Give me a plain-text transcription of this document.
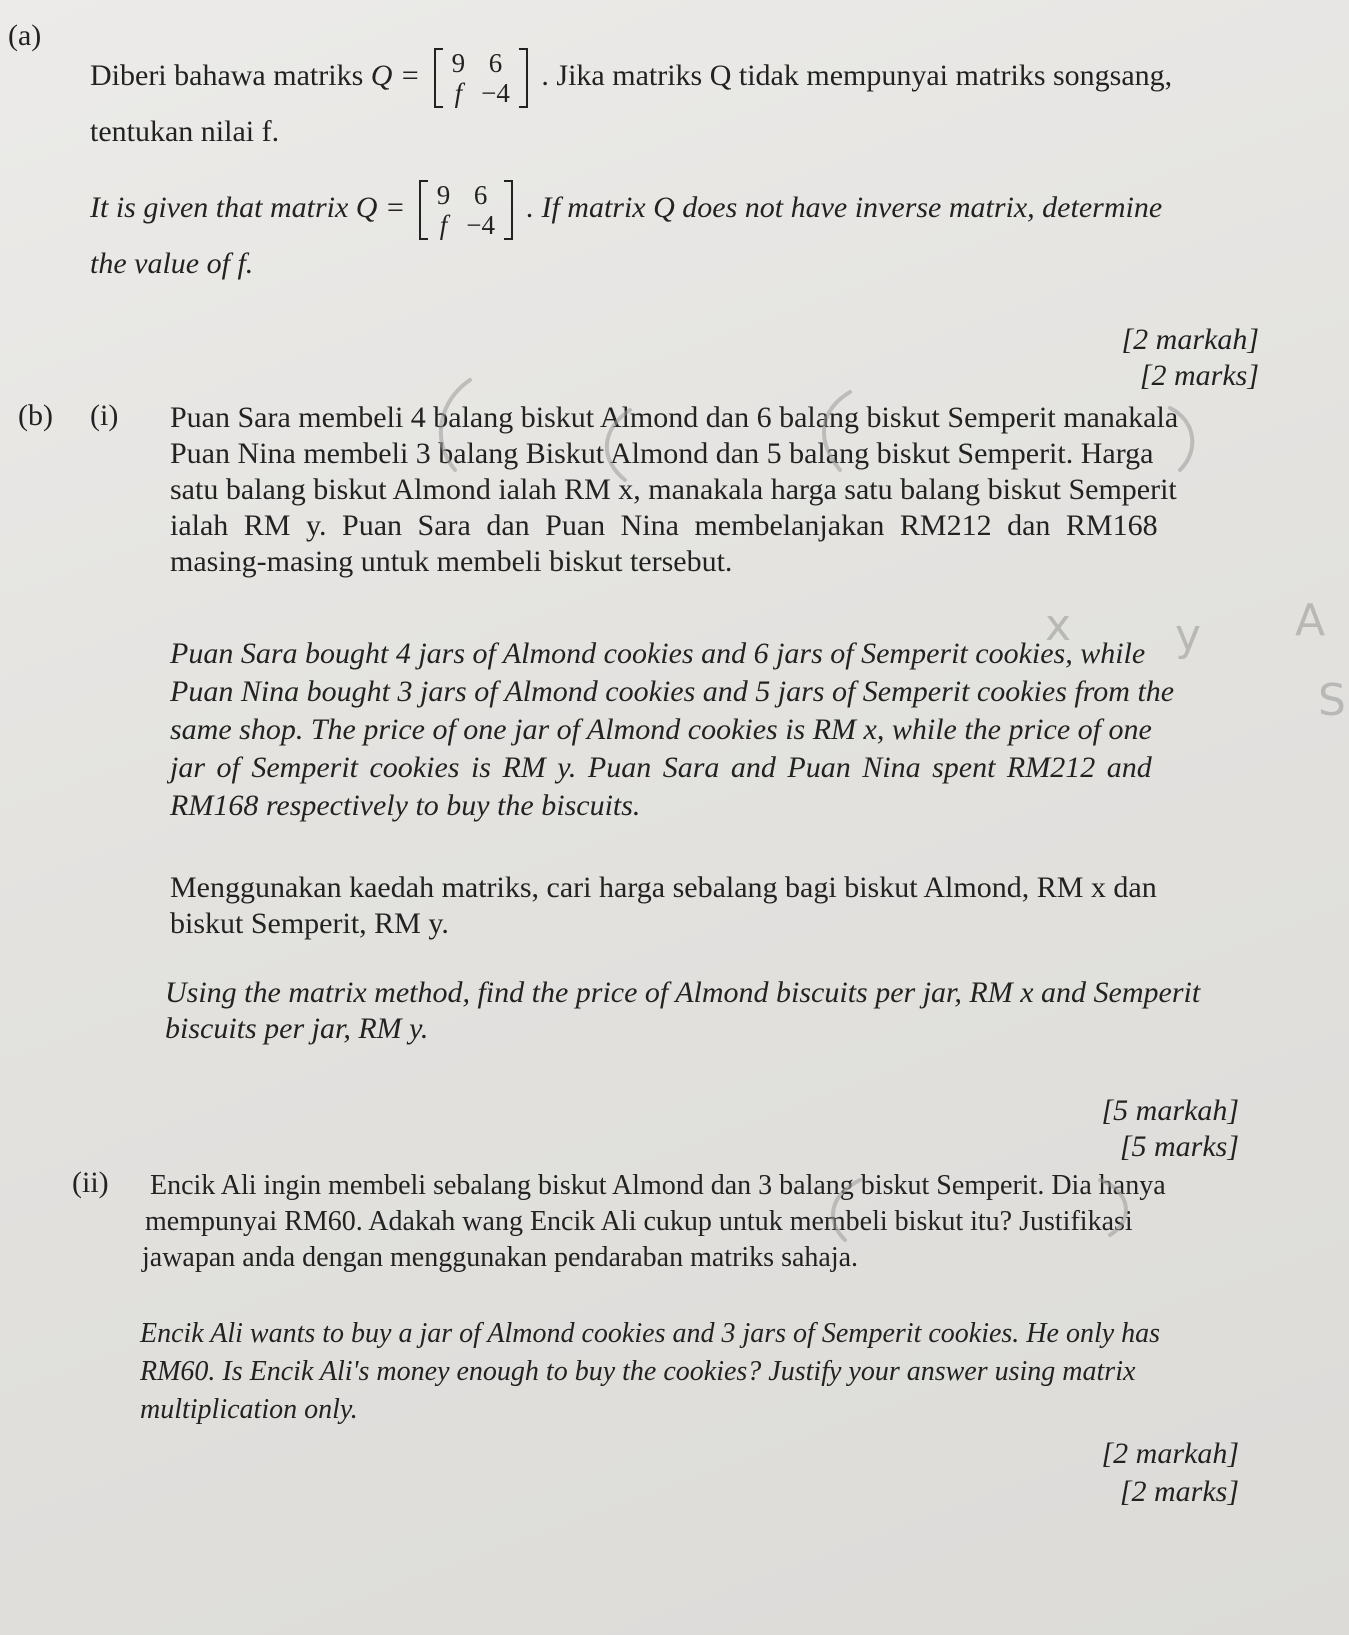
(a)
Diberi bahawa matriks Q = 9	6
f	−4
. Jika matriks Q tidak mempunyai matriks songsang,
tentukan nilai f.
It is given that matrix Q = 9	6
f	−4
. If matrix Q does not have inverse matrix, determine
the value of f.
[2 markah]
[2 marks]
(b) (i) Puan Sara membeli 4 balang biskut Almond dan 6 balang biskut Semperit manakala
Puan Nina membeli 3 balang Biskut Almond dan 5 balang biskut Semperit. Harga
satu balang biskut Almond ialah RM x, manakala harga satu balang biskut Semperit
ialah RM y. Puan Sara dan Puan Nina membelanjakan RM212 dan RM168
masing-masing untuk membeli biskut tersebut.
Puan Sara bought 4 jars of Almond cookies and 6 jars of Semperit cookies, while
Puan Nina bought 3 jars of Almond cookies and 5 jars of Semperit cookies from the
same shop. The price of one jar of Almond cookies is RM x, while the price of one
jar of Semperit cookies is RM y. Puan Sara and Puan Nina spent RM212 and
RM168 respectively to buy the biscuits.
Menggunakan kaedah matriks, cari harga sebalang bagi biskut Almond, RM x dan
biskut Semperit, RM y.
Using the matrix method, find the price of Almond biscuits per jar, RM x and Semperit
biscuits per jar, RM y.
[5 markah]
[5 marks]
(ii) Encik Ali ingin membeli sebalang biskut Almond dan 3 balang biskut Semperit. Dia hanya
mempunyai RM60. Adakah wang Encik Ali cukup untuk membeli biskut itu? Justifikasi
jawapan anda dengan menggunakan pendaraban matriks sahaja.
Encik Ali wants to buy a jar of Almond cookies and 3 jars of Semperit cookies. He only has
RM60. Is Encik Ali's money enough to buy the cookies? Justify your answer using matrix
multiplication only.
[2 markah]
[2 marks]
x y A
S
